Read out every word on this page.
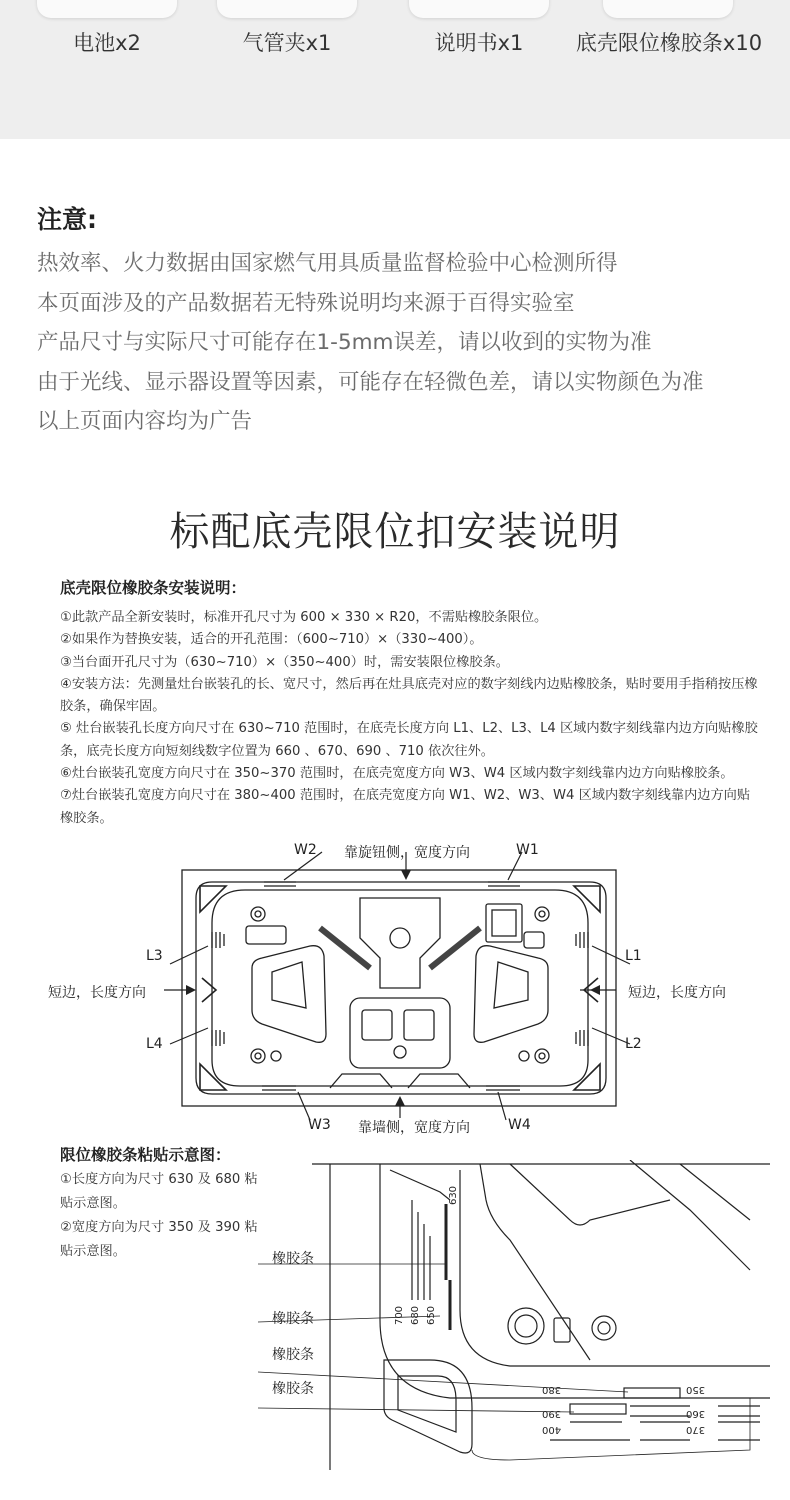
电池x2	气管夹x1	说明书x1	底壳限位橡胶条x10
注意:
热效率、火力数据由国家燃气用具质量监督检验中心检测所得
本页面涉及的产品数据若无特殊说明均来源于百得实验室
产品尺寸与实际尺寸可能存在1-5mm误差，请以收到的实物为准
由于光线、显示器设置等因素，可能存在轻微色差，请以实物颜色为准
以上页面内容均为广告
标配底壳限位扣安装说明
底壳限位橡胶条安装说明：
①此款产品全新安装时，标准开孔尺寸为 600 × 330 × R20，不需贴橡胶条限位。
②如果作为替换安装，适合的开孔范围：（600~710）×（330~400）。
③当台面开孔尺寸为（630~710）×（350~400）时，需安装限位橡胶条。
④安装方法：先测量灶台嵌装孔的长、宽尺寸，然后再在灶具底壳对应的数字刻线内边贴橡胶条，贴时要用手指稍按压橡胶条，确保牢固。
⑤ 灶台嵌装孔长度方向尺寸在 630~710 范围时，在底壳长度方向 L1、L2、L3、L4 区域内数字刻线靠内边方向贴橡胶条，底壳长度方向短刻线数字位置为 660 、670、690 、710 依次往外。
⑥灶台嵌装孔宽度方向尺寸在 350~370 范围时，在底壳宽度方向 W3、W4 区域内数字刻线靠内边方向贴橡胶条。
⑦灶台嵌装孔宽度方向尺寸在 380~400 范围时，在底壳宽度方向 W1、W2、W3、W4 区域内数字刻线靠内边方向贴橡胶条。
W2	W1
靠旋钮侧，宽度方向
L3
L4
L1
L2
短边，长度方向	短边，长度方向
W3 靠墙侧，宽度方向	W4
限位橡胶条粘贴示意图：
①长度方向为尺寸 630 及 680 粘贴示意图。
②宽度方向为尺寸 350 及 390 粘贴示意图。	橡胶条
橡胶条
橡胶条
橡胶条
630
700 680 650
380	350
390	360
400	370
